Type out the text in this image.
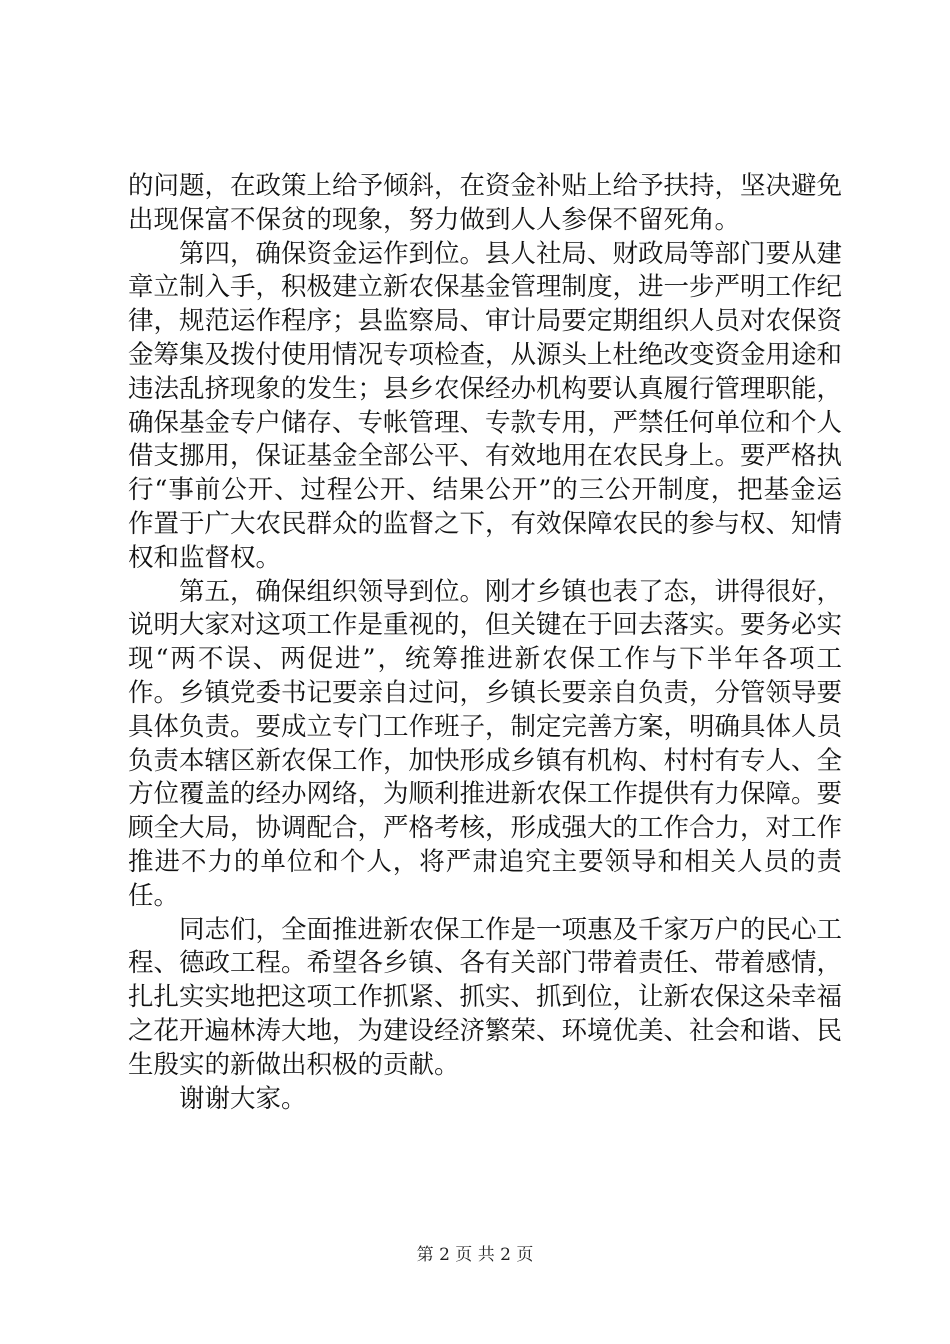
的问题，在政策上给予倾斜，在资金补贴上给予扶持，坚决避免出现保富不保贫的现象，努力做到人人参保不留死角。

第四，确保资金运作到位。县人社局、财政局等部门要从建章立制入手，积极建立新农保基金管理制度，进一步严明工作纪律，规范运作程序；县监察局、审计局要定期组织人员对农保资金筹集及拨付使用情况专项检查，从源头上杜绝改变资金用途和违法乱挤现象的发生；县乡农保经办机构要认真履行管理职能，确保基金专户储存、专帐管理、专款专用，严禁任何单位和个人借支挪用，保证基金全部公平、有效地用在农民身上。要严格执行“事前公开、过程公开、结果公开”的三公开制度，把基金运作置于广大农民群众的监督之下，有效保障农民的参与权、知情权和监督权。

第五，确保组织领导到位。刚才乡镇也表了态，讲得很好，说明大家对这项工作是重视的，但关键在于回去落实。要务必实现“两不误、两促进”，统筹推进新农保工作与下半年各项工作。乡镇党委书记要亲自过问，乡镇长要亲自负责，分管领导要具体负责。要成立专门工作班子，制定完善方案，明确具体人员负责本辖区新农保工作，加快形成乡镇有机构、村村有专人、全方位覆盖的经办网络，为顺利推进新农保工作提供有力保障。要顾全大局，协调配合，严格考核，形成强大的工作合力，对工作推进不力的单位和个人，将严肃追究主要领导和相关人员的责任。

同志们，全面推进新农保工作是一项惠及千家万户的民心工程、德政工程。希望各乡镇、各有关部门带着责任、带着感情，扎扎实实地把这项工作抓紧、抓实、抓到位，让新农保这朵幸福之花开遍林涛大地，为建设经济繁荣、环境优美、社会和谐、民生殷实的新做出积极的贡献。

谢谢大家。

第 2 页 共 2 页
